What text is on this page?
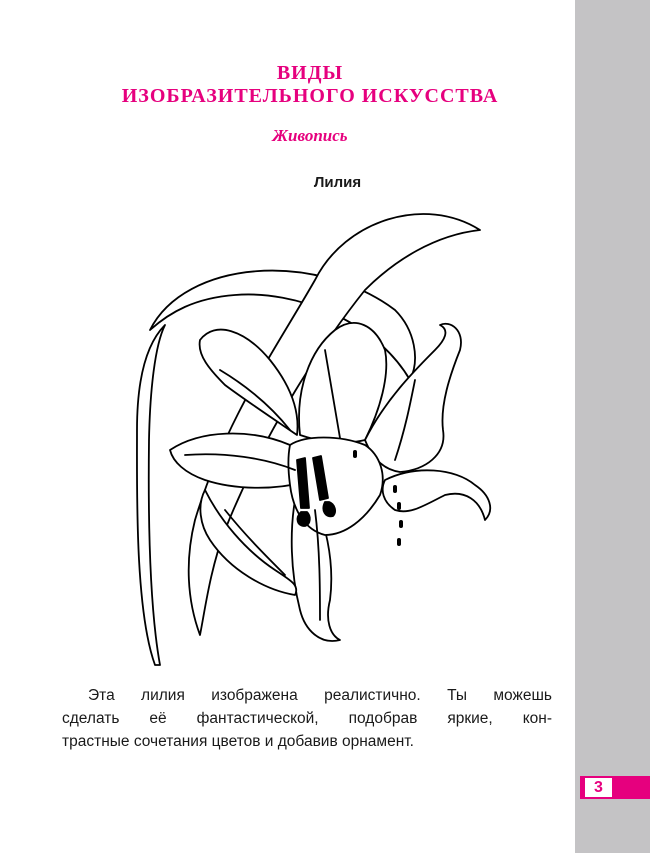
3
ВИДЫ
ИЗОБРАЗИТЕЛЬНОГО ИСКУССТВА
Живопись
Лилия
Эта лилия изображена реалистично. Ты можешь
сделать её фантастической, подобрав яркие, кон-
трастные сочетания цветов и добавив орнамент.
